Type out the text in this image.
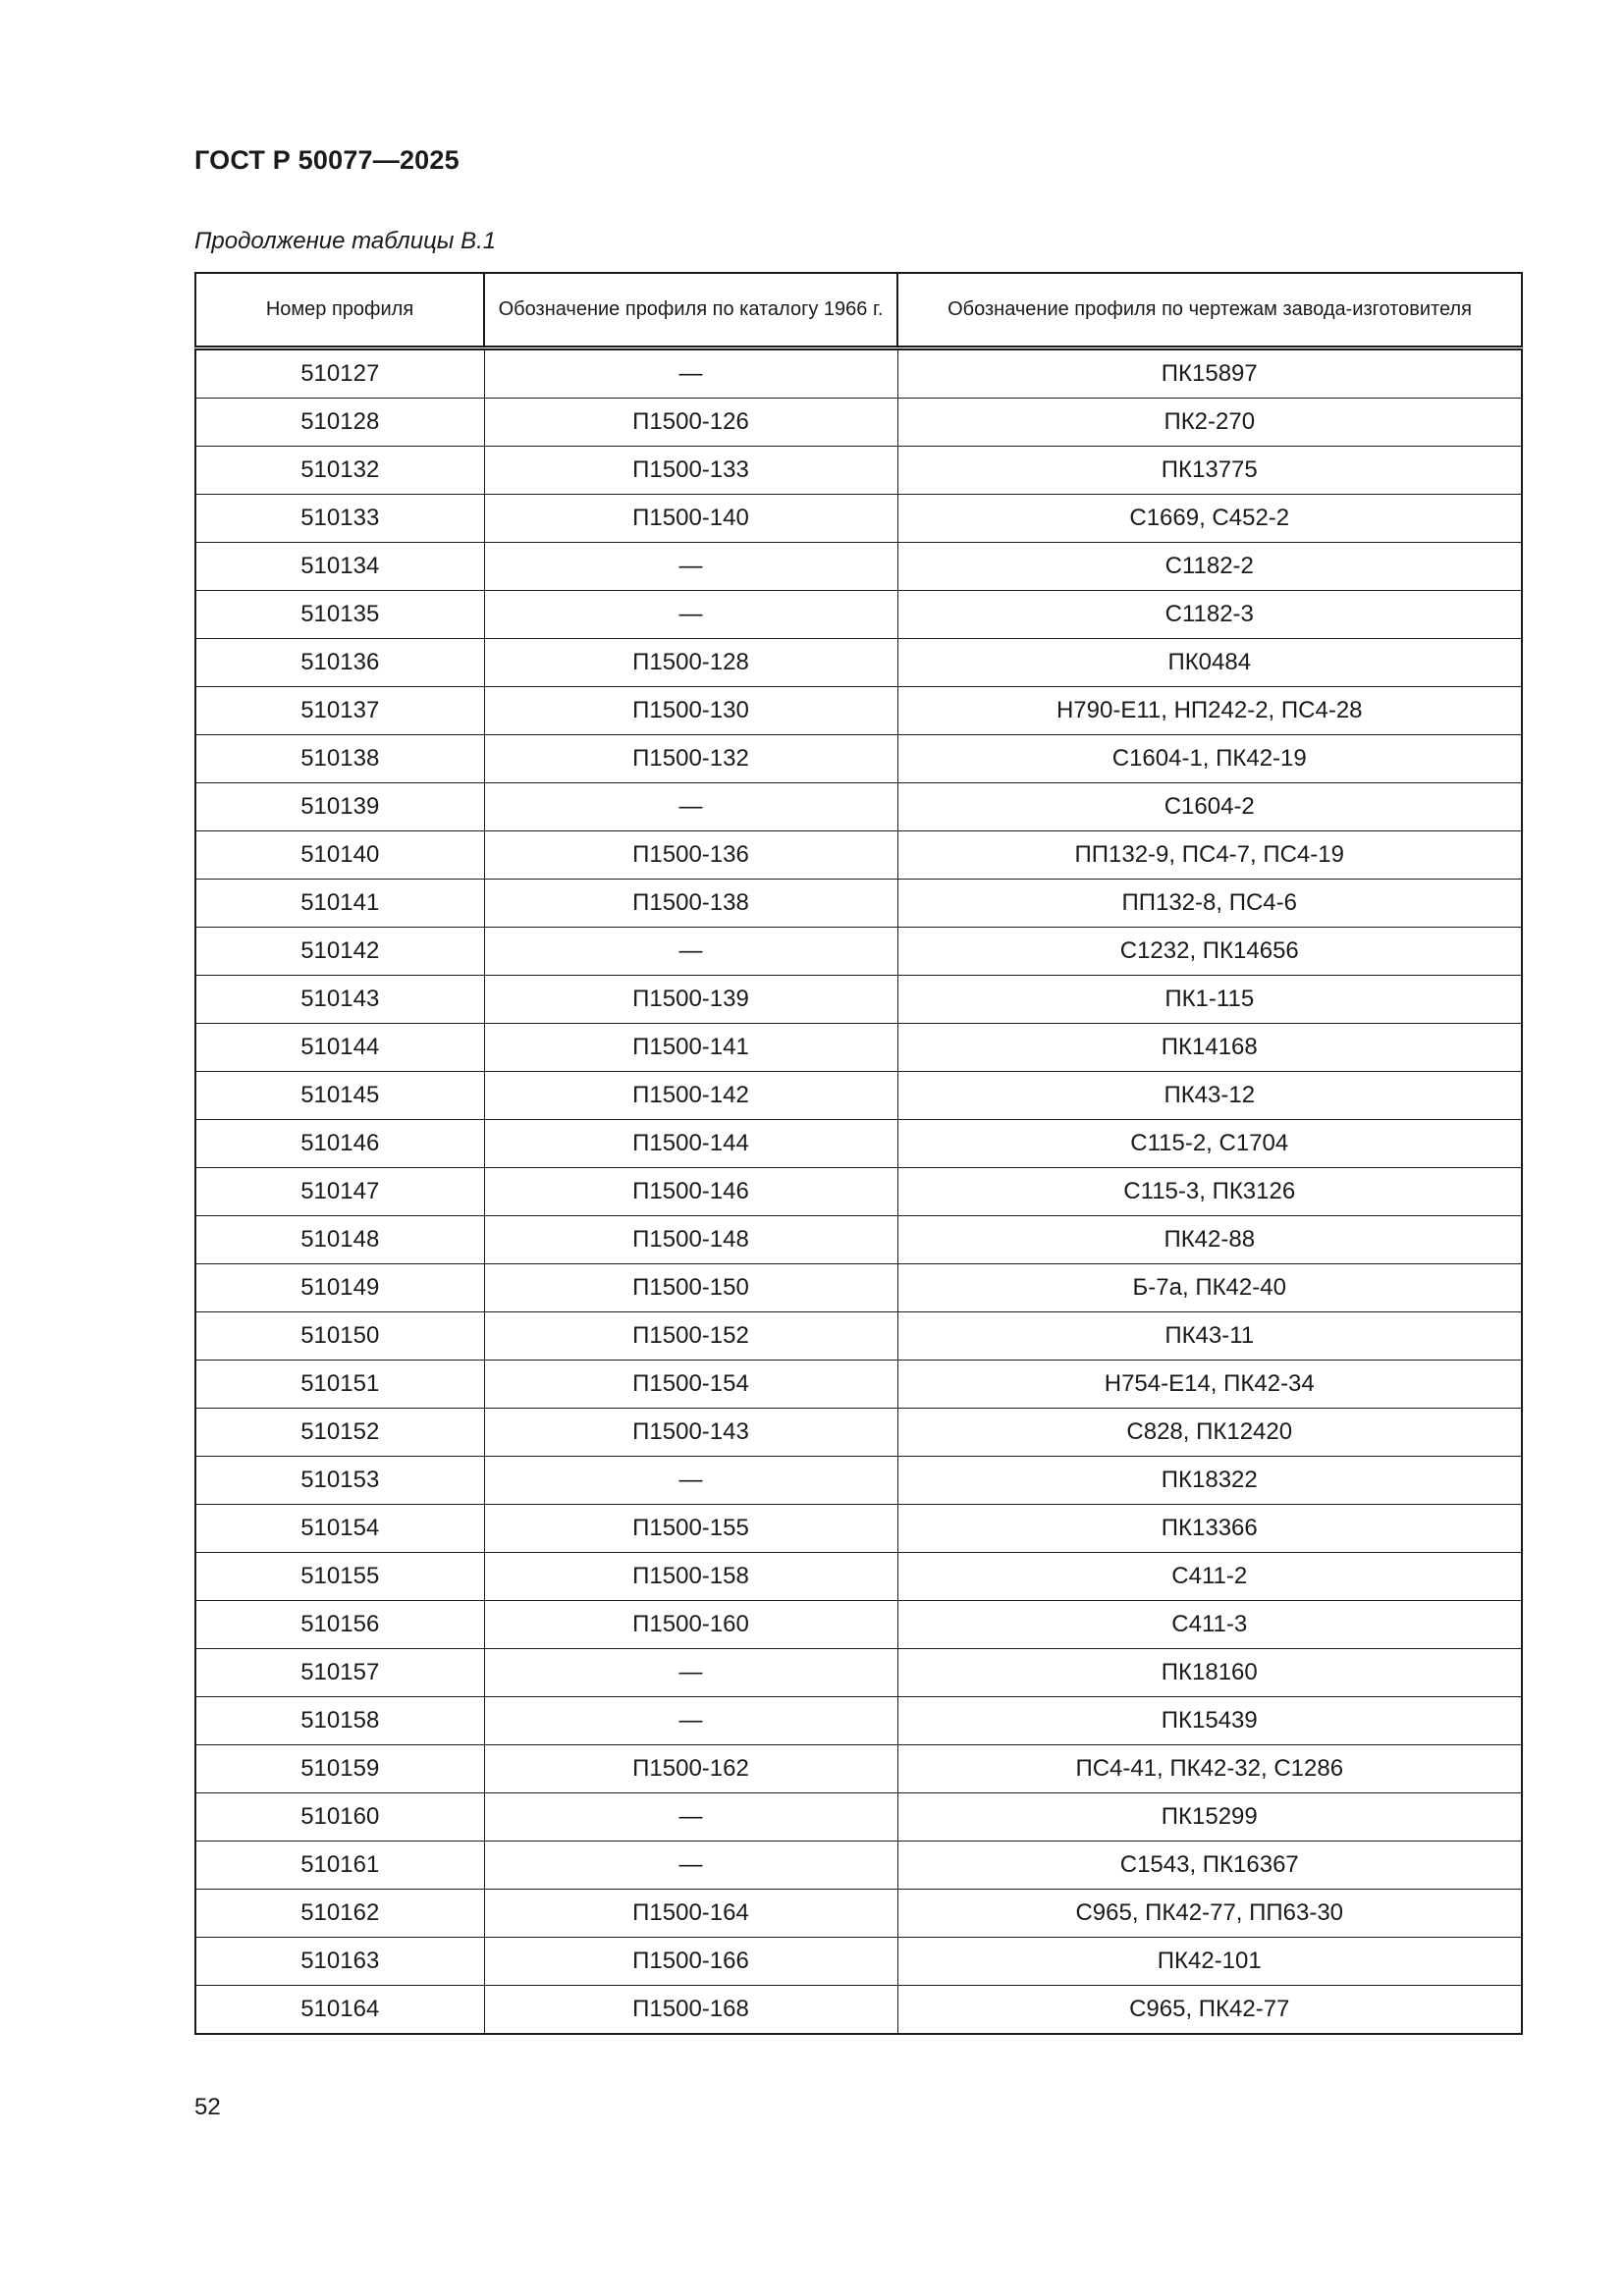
ГОСТ Р 50077—2025
Продолжение таблицы В.1
Номер профиля	Обозначение профиля по каталогу 1966 г.	Обозначение профиля по чертежам завода-изготовителя
510127	—	ПК15897
510128	П1500-126	ПК2-270
510132	П1500-133	ПК13775
510133	П1500-140	С1669, С452-2
510134	—	С1182-2
510135	—	С1182-3
510136	П1500-128	ПК0484
510137	П1500-130	Н790-Е11, НП242-2, ПС4-28
510138	П1500-132	С1604-1, ПК42-19
510139	—	С1604-2
510140	П1500-136	ПП132-9, ПС4-7, ПС4-19
510141	П1500-138	ПП132-8, ПС4-6
510142	—	С1232, ПК14656
510143	П1500-139	ПК1-115
510144	П1500-141	ПК14168
510145	П1500-142	ПК43-12
510146	П1500-144	С115-2, С1704
510147	П1500-146	С115-3, ПК3126
510148	П1500-148	ПК42-88
510149	П1500-150	Б-7а, ПК42-40
510150	П1500-152	ПК43-11
510151	П1500-154	Н754-Е14, ПК42-34
510152	П1500-143	С828, ПК12420
510153	—	ПК18322
510154	П1500-155	ПК13366
510155	П1500-158	С411-2
510156	П1500-160	С411-3
510157	—	ПК18160
510158	—	ПК15439
510159	П1500-162	ПС4-41, ПК42-32, С1286
510160	—	ПК15299
510161	—	С1543, ПК16367
510162	П1500-164	С965, ПК42-77, ПП63-30
510163	П1500-166	ПК42-101
510164	П1500-168	С965, ПК42-77
52
